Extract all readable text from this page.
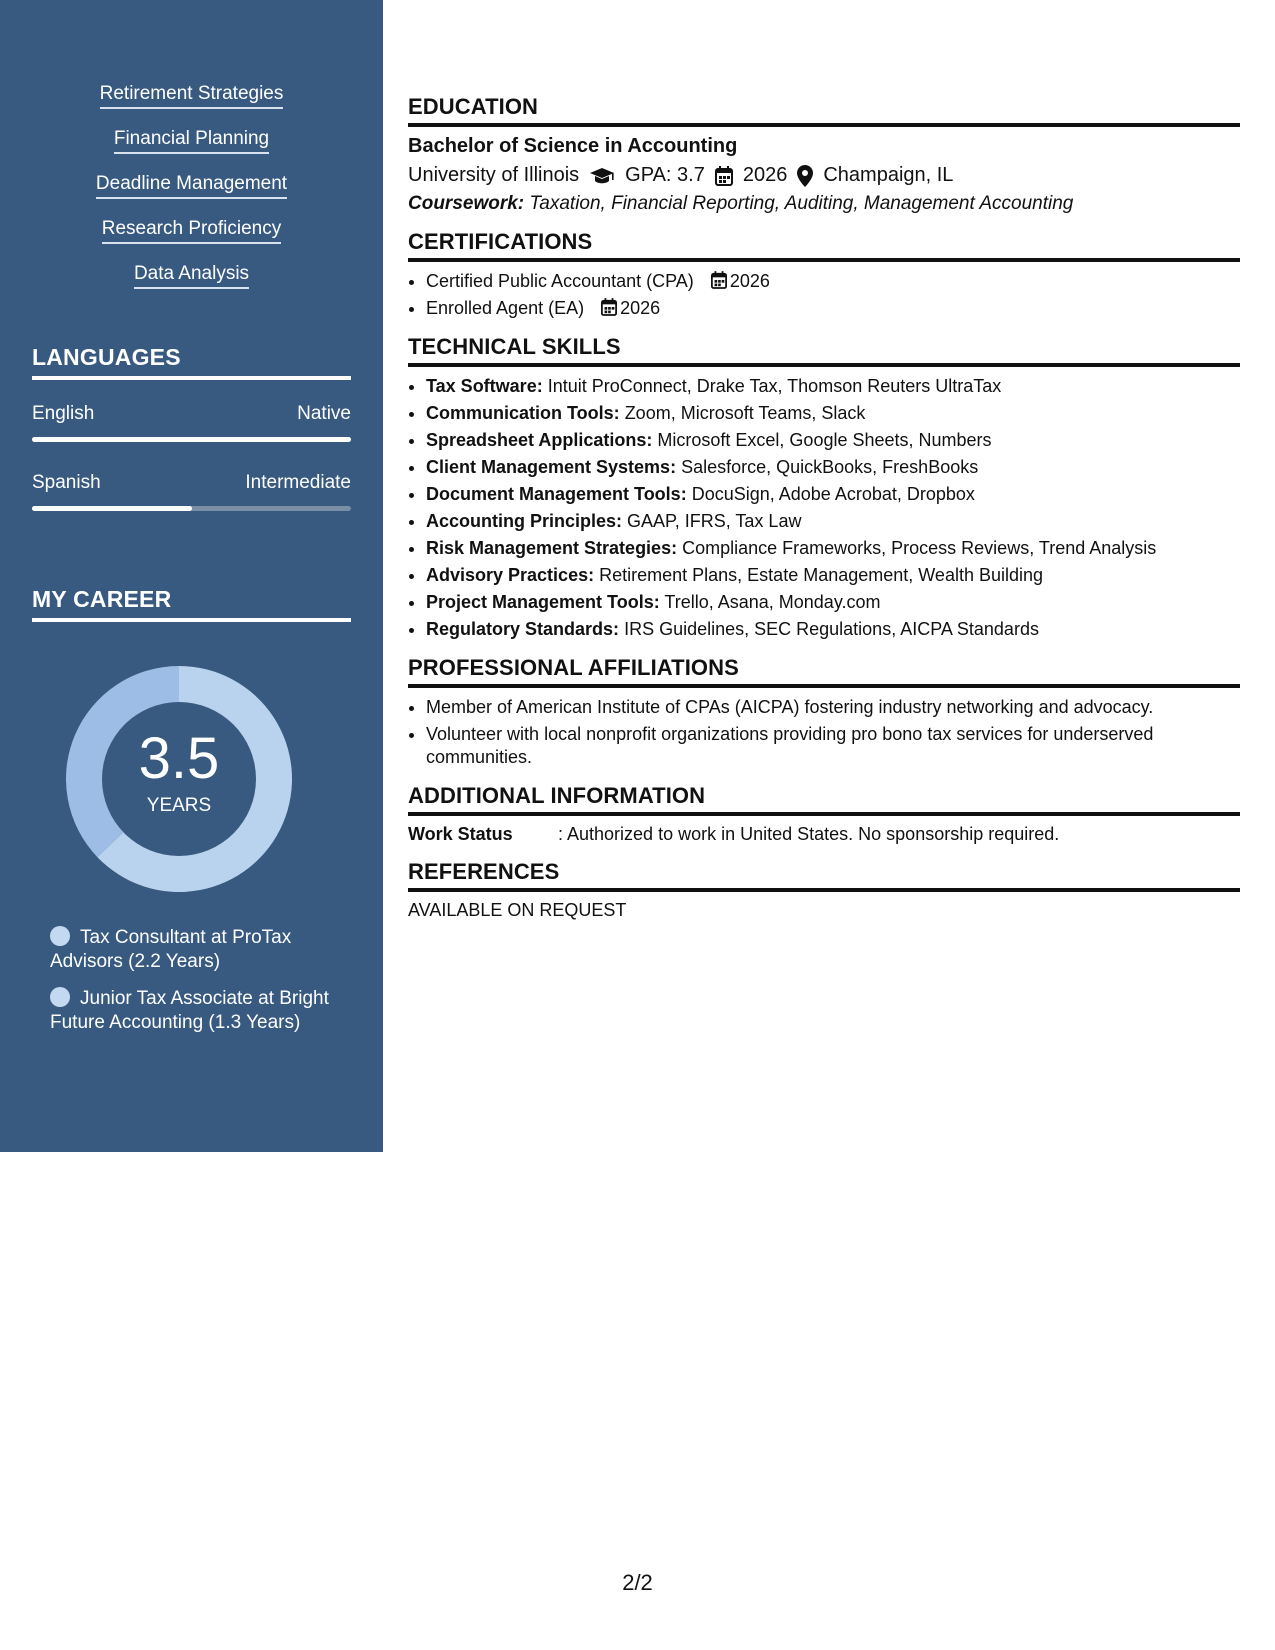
Retirement Strategies
Financial Planning
Deadline Management
Research Proficiency
Data Analysis
LANGUAGES
English	Native
Spanish	Intermediate
MY CAREER
3.5
YEARS
Tax Consultant at ProTax Advisors (2.2 Years)
Junior Tax Associate at Bright Future Accounting (1.3 Years)
EDUCATION
Bachelor of Science in Accounting
University of Illinois GPA: 3.7 2026 Champaign, IL
Coursework: Taxation, Financial Reporting, Auditing, Management Accounting
CERTIFICATIONS
• Certified Public Accountant (CPA) 2026
• Enrolled Agent (EA) 2026
TECHNICAL SKILLS
• Tax Software: Intuit ProConnect, Drake Tax, Thomson Reuters UltraTax
• Communication Tools: Zoom, Microsoft Teams, Slack
• Spreadsheet Applications: Microsoft Excel, Google Sheets, Numbers
• Client Management Systems: Salesforce, QuickBooks, FreshBooks
• Document Management Tools: DocuSign, Adobe Acrobat, Dropbox
• Accounting Principles: GAAP, IFRS, Tax Law
• Risk Management Strategies: Compliance Frameworks, Process Reviews, Trend Analysis
• Advisory Practices: Retirement Plans, Estate Management, Wealth Building
• Project Management Tools: Trello, Asana, Monday.com
• Regulatory Standards: IRS Guidelines, SEC Regulations, AICPA Standards
PROFESSIONAL AFFILIATIONS
• Member of American Institute of CPAs (AICPA) fostering industry networking and advocacy.
• Volunteer with local nonprofit organizations providing pro bono tax services for underserved communities.
ADDITIONAL INFORMATION
Work Status	: Authorized to work in United States. No sponsorship required.
REFERENCES
AVAILABLE ON REQUEST
2/2
